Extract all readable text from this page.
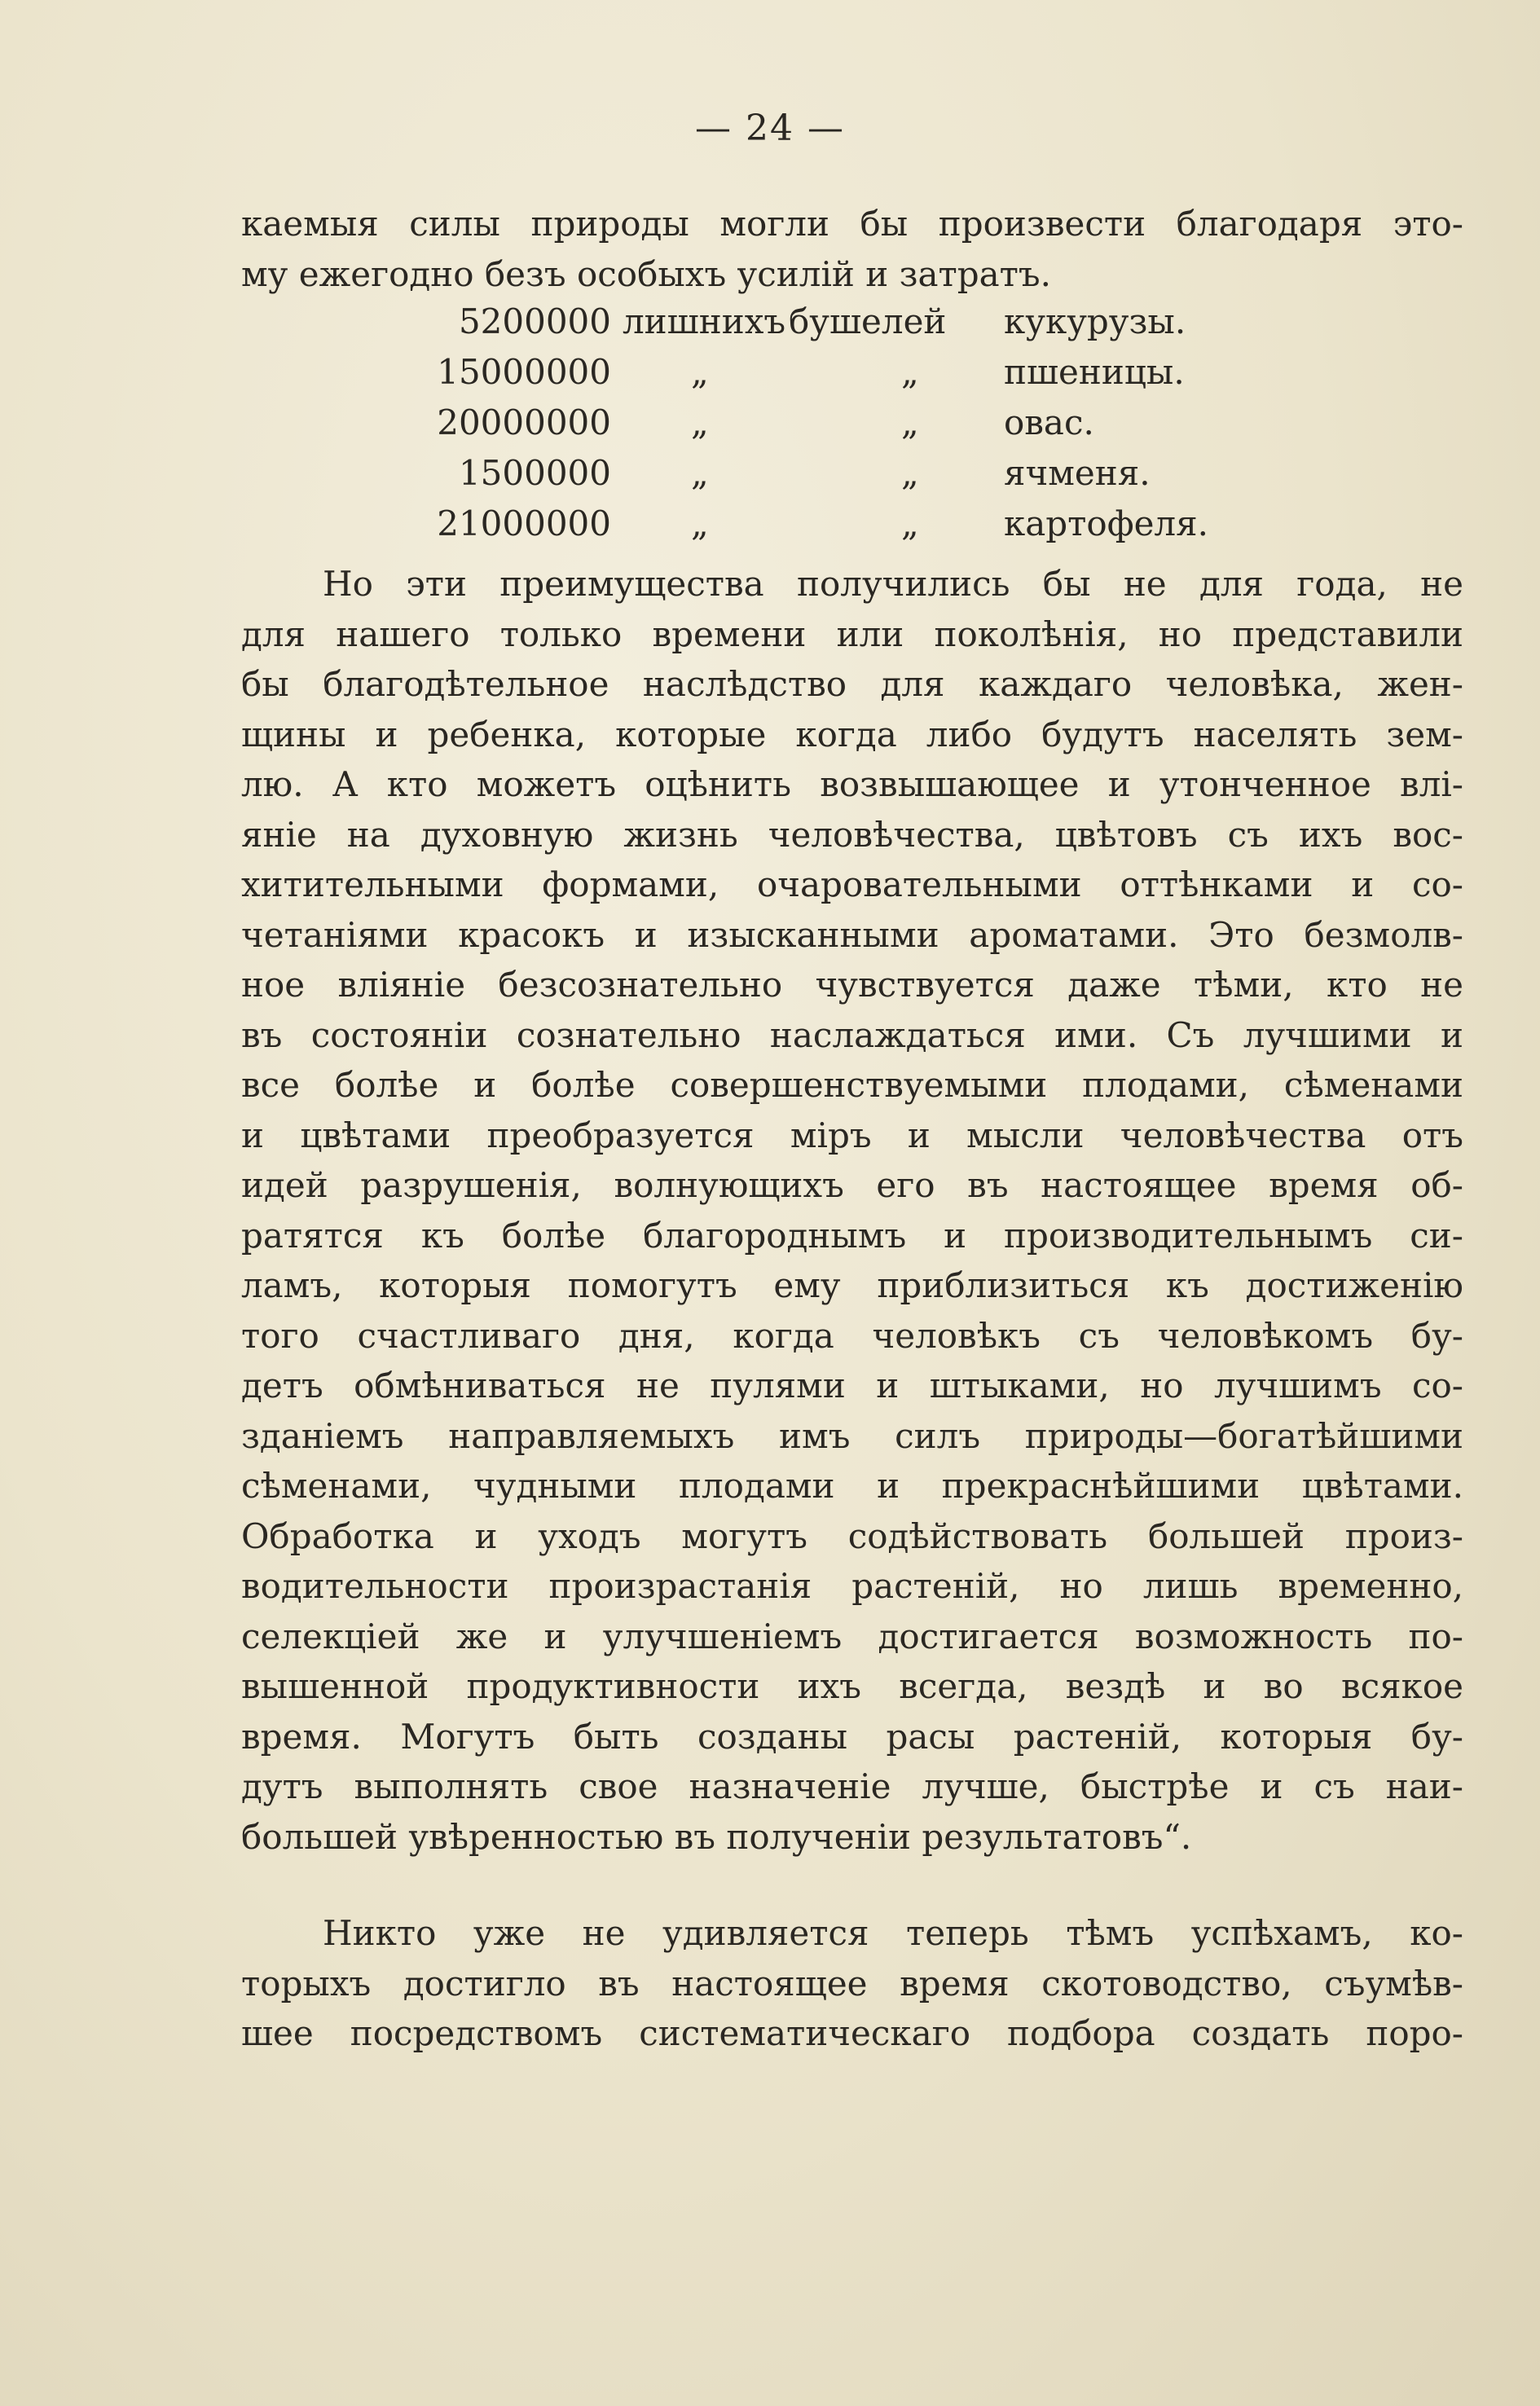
— 24 —
каемыя силы природы могли бы произвести благодаря это-
му ежегодно безъ особыхъ усилій и затратъ.
5200000 лишнихъ бушелей кукурузы.
15000000 „	„ пшеницы.
20000000 „	„ овас.
1500000 „	„ ячменя.
21000000 „	„ картофеля.
Но эти преимущества получились бы не для года, не
для нашего только времени или поколѣнія, но представили
бы благодѣтельное наслѣдство для каждаго человѣка, жен-
щины и ребенка, которые когда либо будутъ населять зем-
лю. А кто можетъ оцѣнить возвышающее и утонченное влі-
яніе на духовную жизнь человѣчества, цвѣтовъ съ ихъ вос-
хитительными формами, очаровательными оттѣнками и со-
четаніями красокъ и изысканными ароматами. Это безмолв-
ное вліяніе безсознательно чувствуется даже тѣми, кто не
въ состояніи сознательно наслаждаться ими. Съ лучшими и
все болѣе и болѣе совершенствуемыми плодами, сѣменами
и цвѣтами преобразуется міръ и мысли человѣчества отъ
идей разрушенія, волнующихъ его въ настоящее время об-
ратятся къ болѣе благороднымъ и производительнымъ си-
ламъ, которыя помогутъ ему приблизиться къ достиженію
того счастливаго дня, когда человѣкъ съ человѣкомъ бу-
детъ обмѣниваться не пулями и штыками, но лучшимъ со-
зданіемъ направляемыхъ имъ силъ природы—богатѣйшими
сѣменами, чудными плодами и прекраснѣйшими цвѣтами.
Обработка и уходъ могутъ содѣйствовать большей произ-
водительности произрастанія растеній, но лишь временно,
селекціей же и улучшеніемъ достигается возможность по-
вышенной продуктивности ихъ всегда, вездѣ и во всякое
время. Могутъ быть созданы расы растеній, которыя бу-
дутъ выполнять свое назначеніе лучше, быстрѣе и съ наи-
большей увѣренностью въ полученіи результатовъ“.
Никто уже не удивляется теперь тѣмъ успѣхамъ, ко-
торыхъ достигло въ настоящее время скотоводство, съумѣв-
шее посредствомъ систематическаго подбора создать поро-
